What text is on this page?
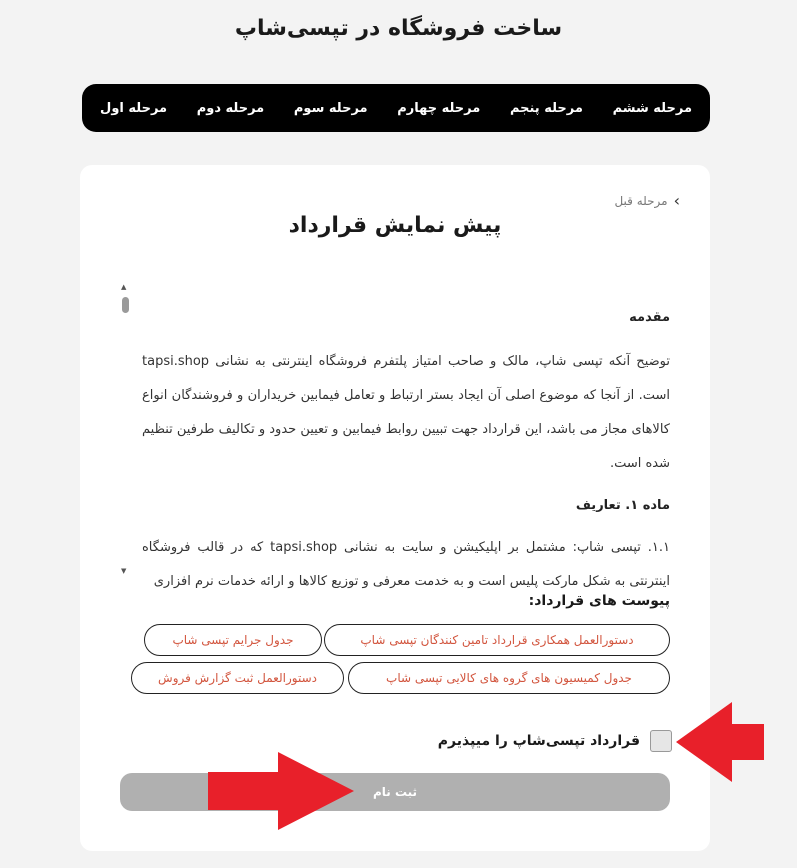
ساخت فروشگاه در تپسی‌شاپ
مرحله اول مرحله دوم مرحله سوم مرحله چهارم مرحله پنجم مرحله ششم
›
مرحله قبل
پیش نمایش قرارداد
▲
▼

مقدمه

توضیح آنکه تپسی شاپ، مالک و صاحب امتیاز پلتفرم فروشگاه اینترنتی به نشانی tapsi.shop است. از آنجا که موضوع اصلی آن ایجاد بستر ارتباط و تعامل فیمابین خریداران و فروشندگان انواع کالاهای مجاز می باشد، این قرارداد جهت تبیین روابط فیمابین و تعیین حدود و تکالیف طرفین تنظیم شده است.

ماده ۱. تعاریف

۱.۱. تپسی شاپ: مشتمل بر اپلیکیشن و سایت به نشانی tapsi.shop که در قالب فروشگاه اینترنتی به شکل مارکت پلیس است و به خدمت معرفی و توزیع کالاها و ارائه خدمات نرم افزاری

پیوست های قرارداد:
دستورالعمل همکاری قرارداد تامین کنندگان تپسی شاپ
جدول جرایم تپسی شاپ
جدول کمیسیون های گروه های کالایی تپسی شاپ
دستورالعمل ثبت گزارش فروش
قرارداد تپسی‌شاپ را میپذیرم
ثبت نام
